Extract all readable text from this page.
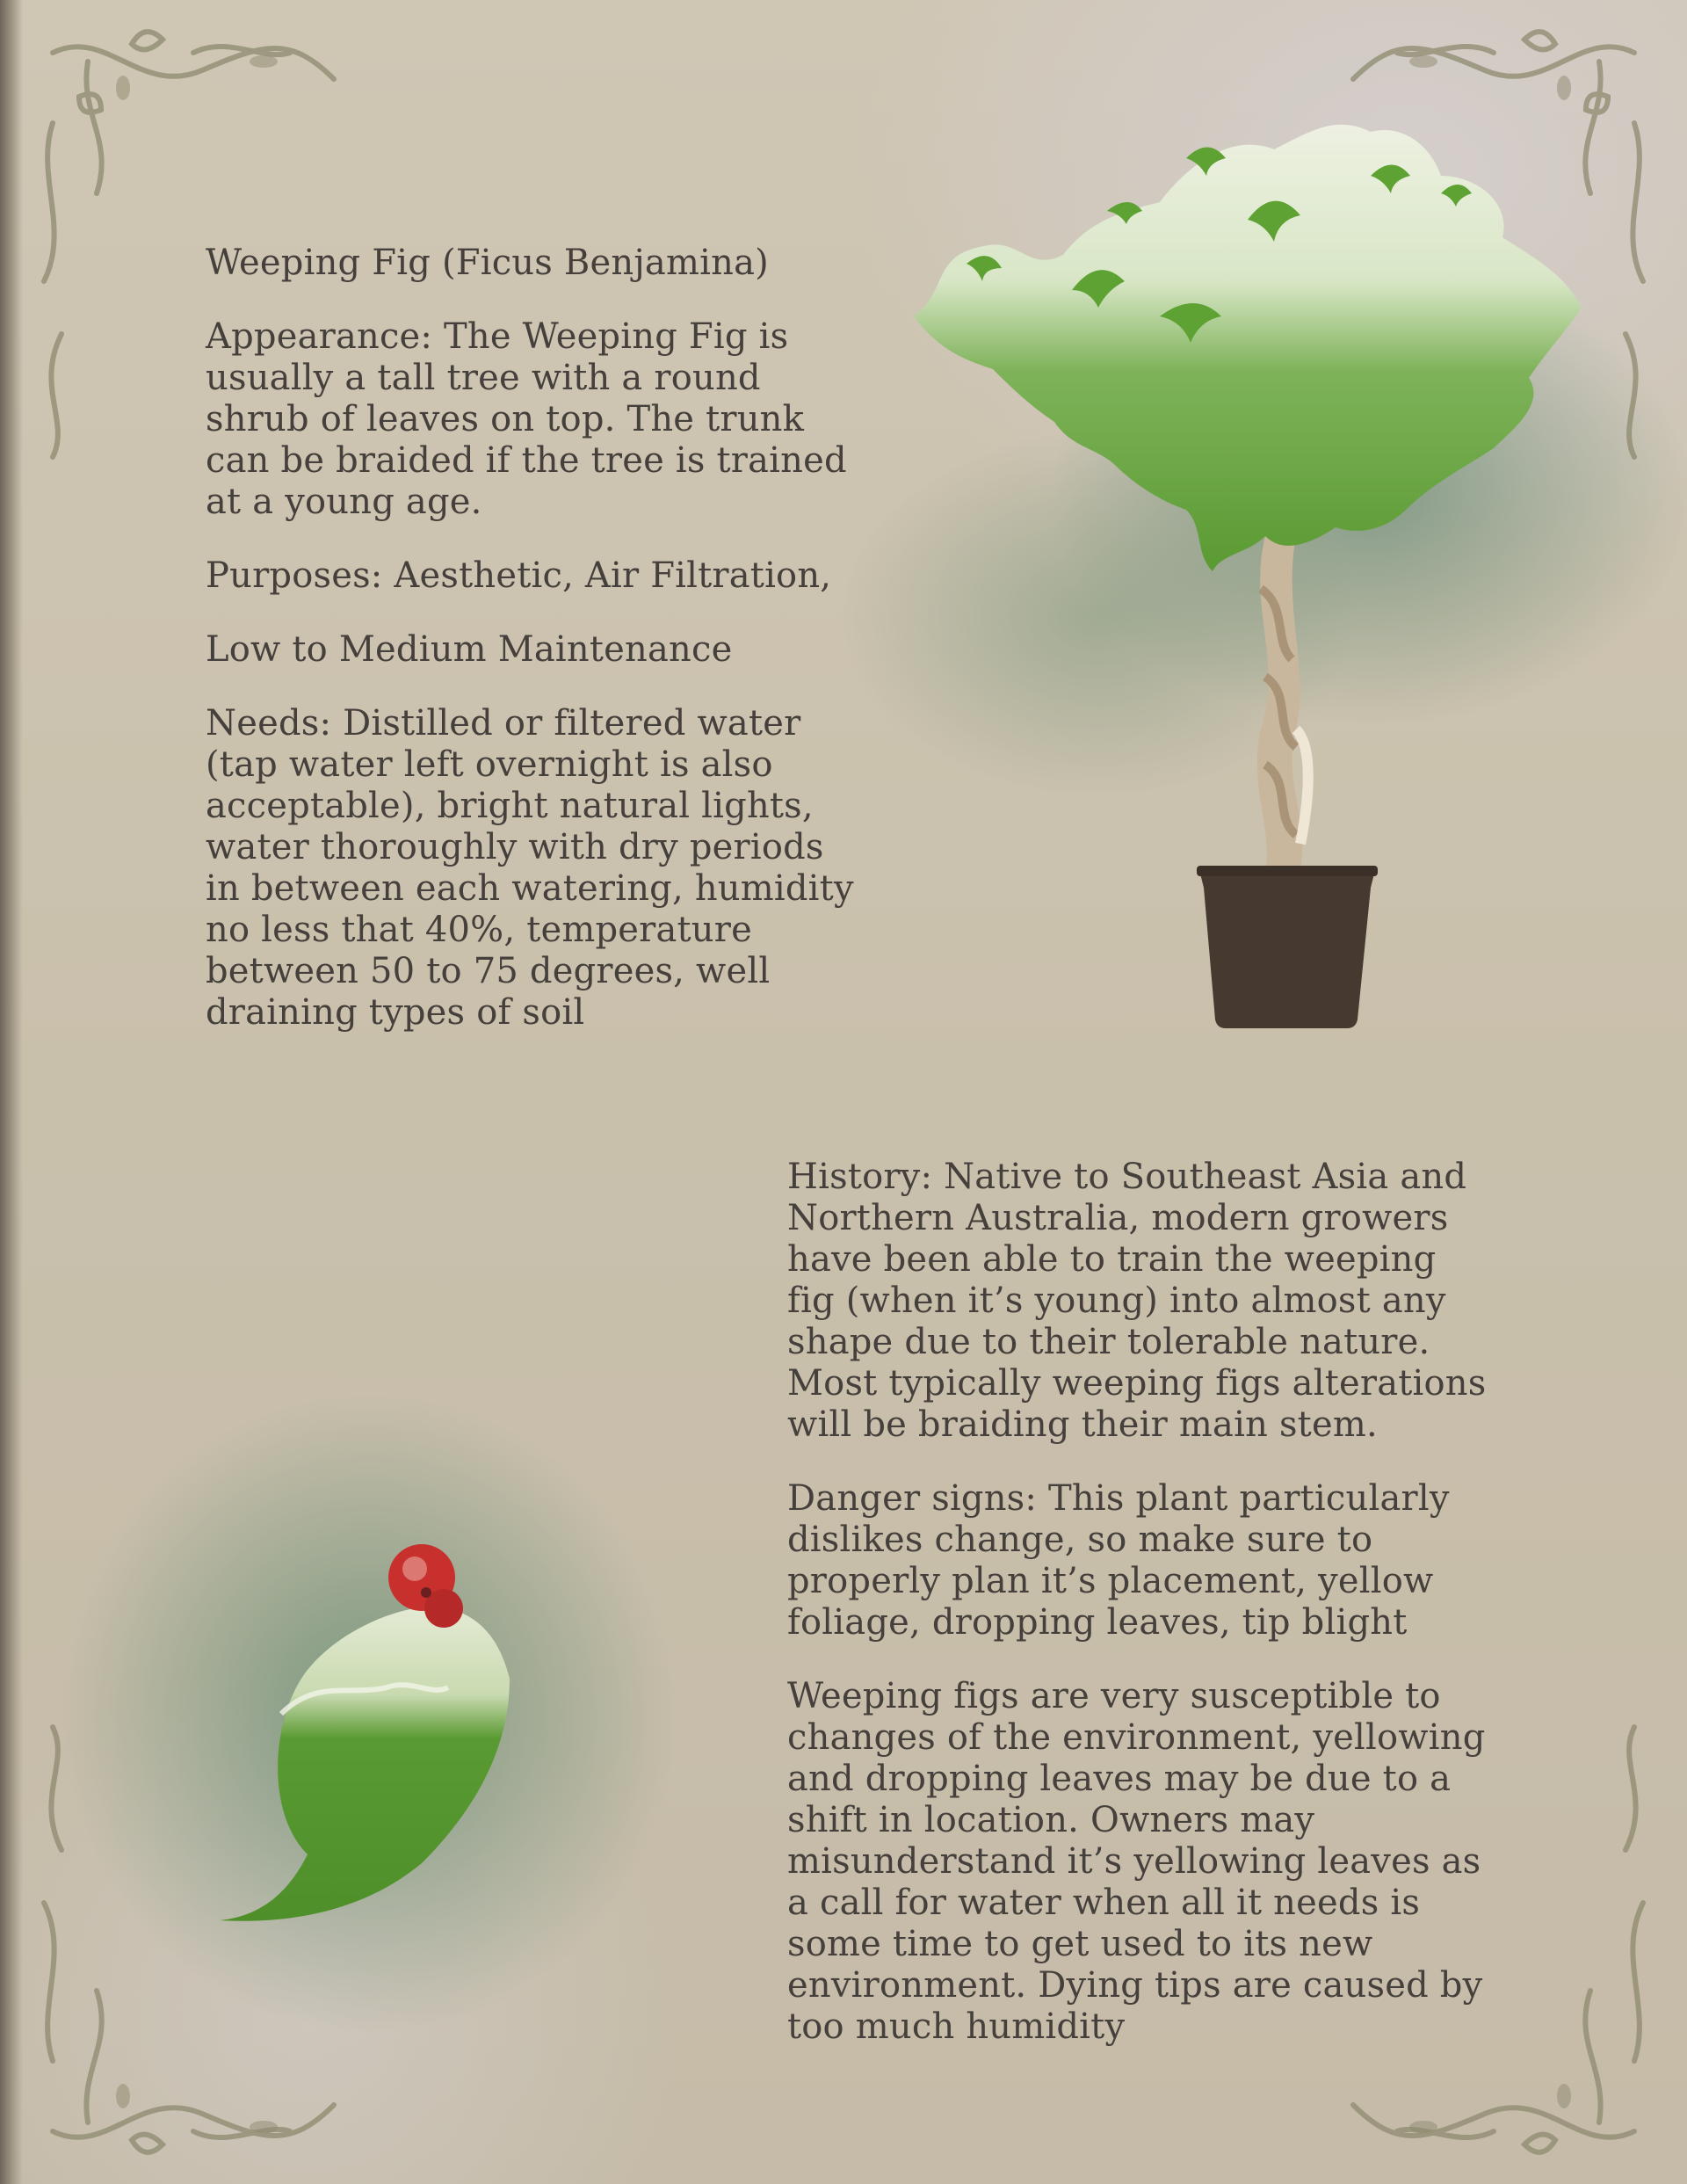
Weeping Fig (Ficus Benjamina)

Appearance: The Weeping Fig is usually a tall tree with a round shrub of leaves on top. The trunk can be braided if the tree is trained at a young age.

Purposes: Aesthetic, Air Filtration,

Low to Medium Maintenance

Needs: Distilled or filtered water (tap water left overnight is also acceptable), bright natural lights, water thoroughly with dry periods in between each watering, humidity no less that 40%, temperature between 50 to 75 degrees, well draining types of soil

History: Native to Southeast Asia and Northern Australia, modern growers have been able to train the weeping fig (when it’s young) into almost any shape due to their tolerable nature. Most typically weeping figs alterations will be braiding their main stem.

Danger signs: This plant particularly dislikes change, so make sure to properly plan it’s placement, yellow foliage, dropping leaves, tip blight

Weeping figs are very susceptible to changes of the environment, yellowing and dropping leaves may be due to a shift in location. Owners may misunderstand it’s yellowing leaves as a call for water when all it needs is some time to get used to its new environment. Dying tips are caused by too much humidity
